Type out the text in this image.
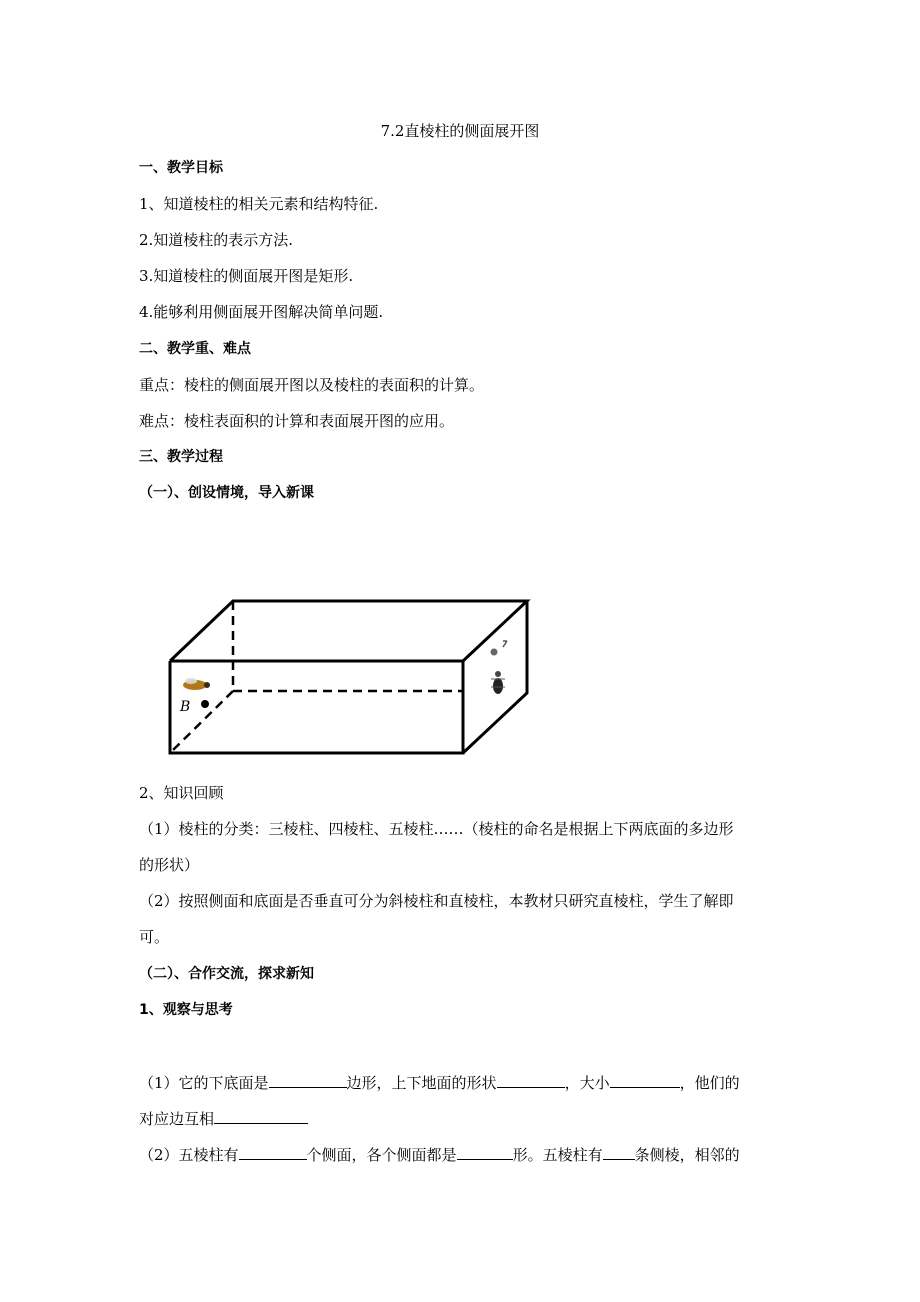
7.2直棱柱的侧面展开图
一、教学目标
1、知道棱柱的相关元素和结构特征.
2.知道棱柱的表示方法.
3.知道棱柱的侧面展开图是矩形.
4.能够利用侧面展开图解决简单问题.
二、教学重、难点
重点：棱柱的侧面展开图以及棱柱的表面积的计算。
难点：棱柱表面积的计算和表面展开图的应用。
三、教学过程
（一）、创设情境，导入新课
B
2、知识回顾
（1）棱柱的分类：三棱柱、四棱柱、五棱柱……（棱柱的命名是根据上下两底面的多边形
的形状）
（2）按照侧面和底面是否垂直可分为斜棱柱和直棱柱，本教材只研究直棱柱，学生了解即
可。
（二）、合作交流，探求新知
1、观察与思考
（1）它的下底面是	边形，上下地面的形状	，大小	，他们的
对应边互相
（2）五棱柱有	个侧面，各个侧面都是	形。五棱柱有 条侧棱，相邻的
